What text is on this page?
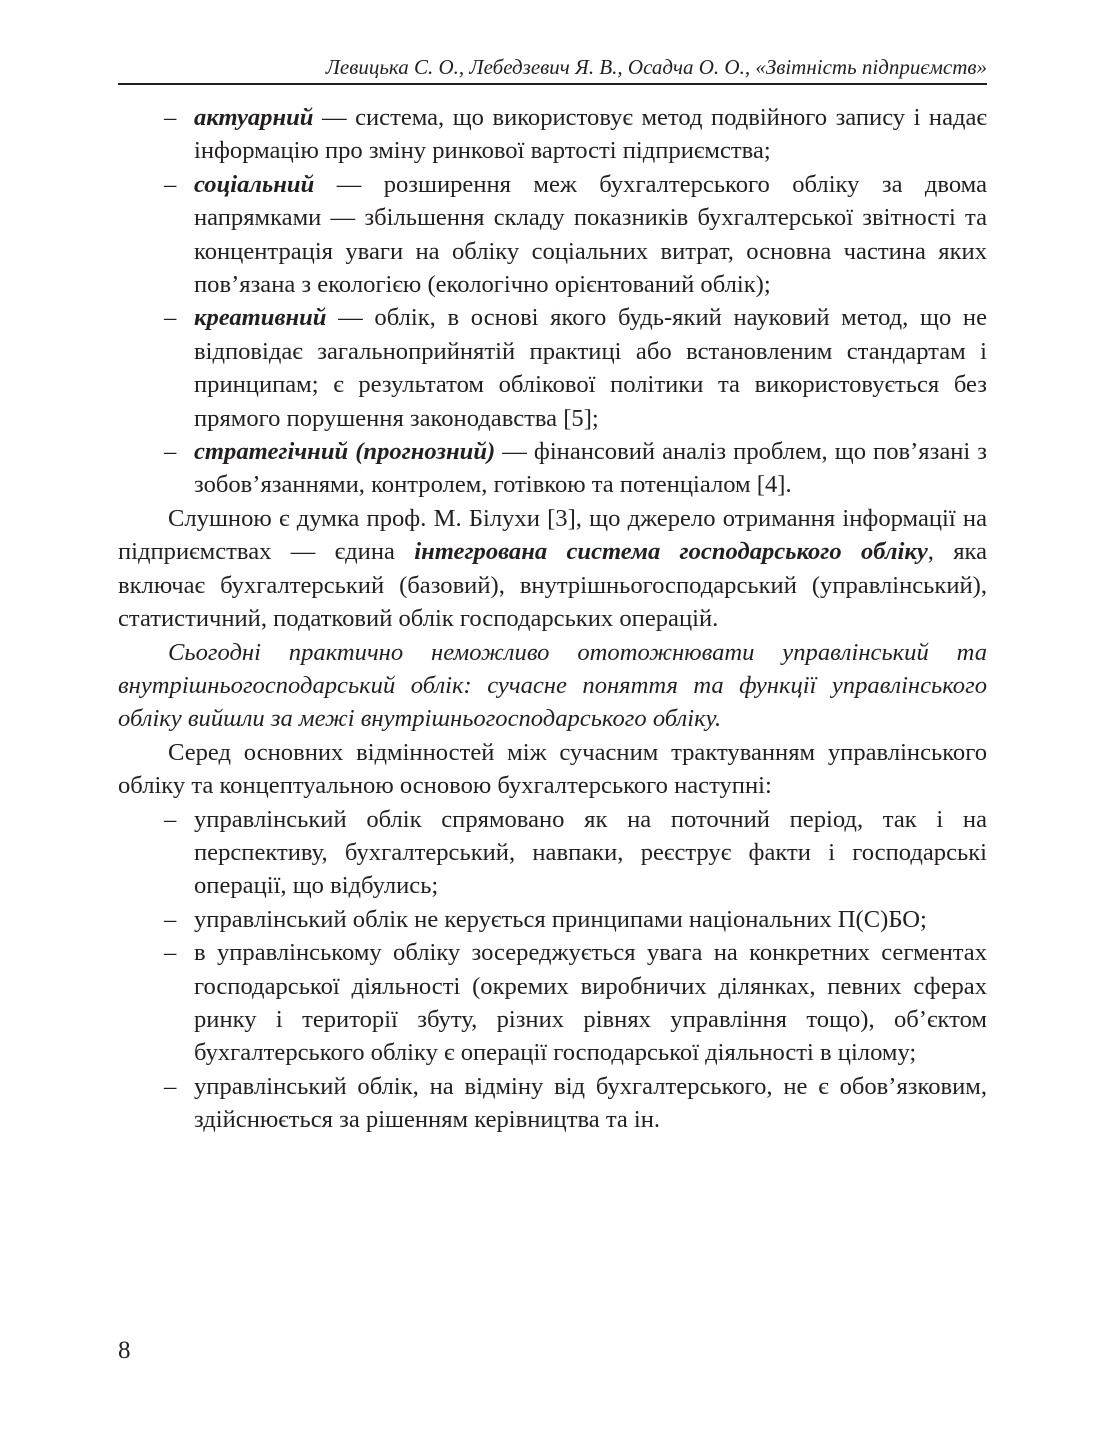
Левицька С. О., Лебедзевич Я. В., Осадча О. О., «Звітність підприємств»

– актуарний — система, що використовує метод подвійного запису і надає інформацію про зміну ринкової вартості підприємства;

– соціальний — розширення меж бухгалтерського обліку за двома напрямками — збільшення складу показників бухгалтерської звітності та концентрація уваги на обліку соціальних витрат, основна частина яких пов’язана з екологією (екологічно орієнтований облік);

– креативний — облік, в основі якого будь-який науковий метод, що не відповідає загальноприйнятій практиці або встановленим стандартам і принципам; є результатом облікової політики та використовується без прямого порушення законодавства [5];

– стратегічний (прогнозний) — фінансовий аналіз проблем, що пов’язані з зобов’язаннями, контролем, готівкою та потенціалом [4].

Слушною є думка проф. М. Білухи [3], що джерело отримання інформації на підприємствах — єдина інтегрована система господарського обліку, яка включає бухгалтерський (базовий), внутрішньогосподарський (управлінський), статистичний, податковий облік господарських операцій.

Сьогодні практично неможливо ототожнювати управлінський та внутрішньогосподарський облік: сучасне поняття та функції управлінського обліку вийшли за межі внутрішньогосподарського обліку.

Серед основних відмінностей між сучасним трактуванням управлінського обліку та концептуальною основою бухгалтерського наступні:

– управлінський облік спрямовано як на поточний період, так і на перспективу, бухгалтерський, навпаки, реєструє факти і господарські операції, що відбулись;

– управлінський облік не керується принципами національних П(С)БО;

– в управлінському обліку зосереджується увага на конкретних сегментах господарської діяльності (окремих виробничих ділянках, певних сферах ринку і території збуту, різних рівнях управління тощо), об’єктом бухгалтерського обліку є операції господарської діяльності в цілому;

– управлінський облік, на відміну від бухгалтерського, не є обов’язковим, здійснюється за рішенням керівництва та ін.

8
